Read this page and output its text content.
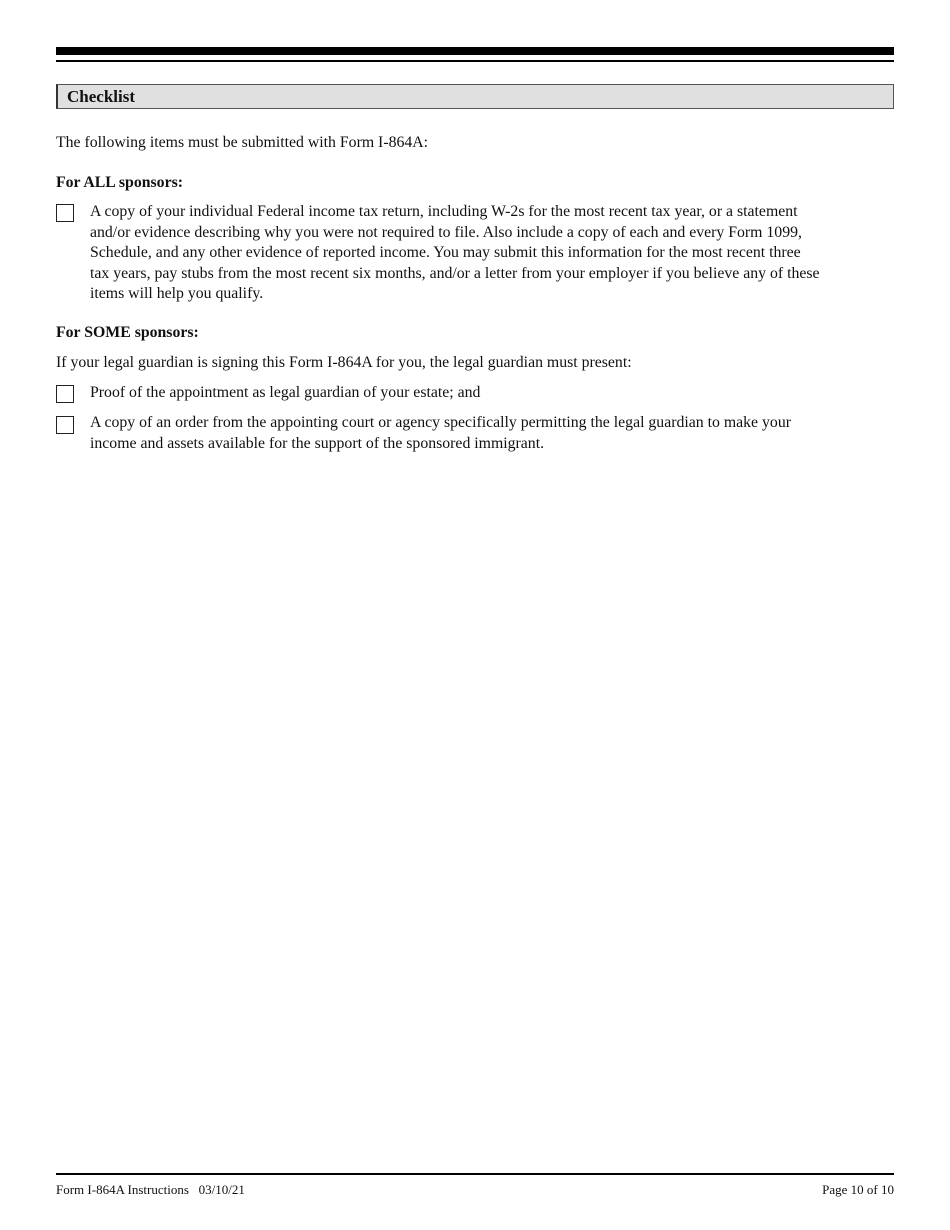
Checklist
The following items must be submitted with Form I-864A:
For ALL sponsors:
A copy of your individual Federal income tax return, including W-2s for the most recent tax year, or a statement
and/or evidence describing why you were not required to file. Also include a copy of each and every Form 1099,
Schedule, and any other evidence of reported income. You may submit this information for the most recent three
tax years, pay stubs from the most recent six months, and/or a letter from your employer if you believe any of these
items will help you qualify.
For SOME sponsors:
If your legal guardian is signing this Form I-864A for you, the legal guardian must present:
Proof of the appointment as legal guardian of your estate; and
A copy of an order from the appointing court or agency specifically permitting the legal guardian to make your
income and assets available for the support of the sponsored immigrant.
Form I-864A Instructions   03/10/21	Page 10 of 10
